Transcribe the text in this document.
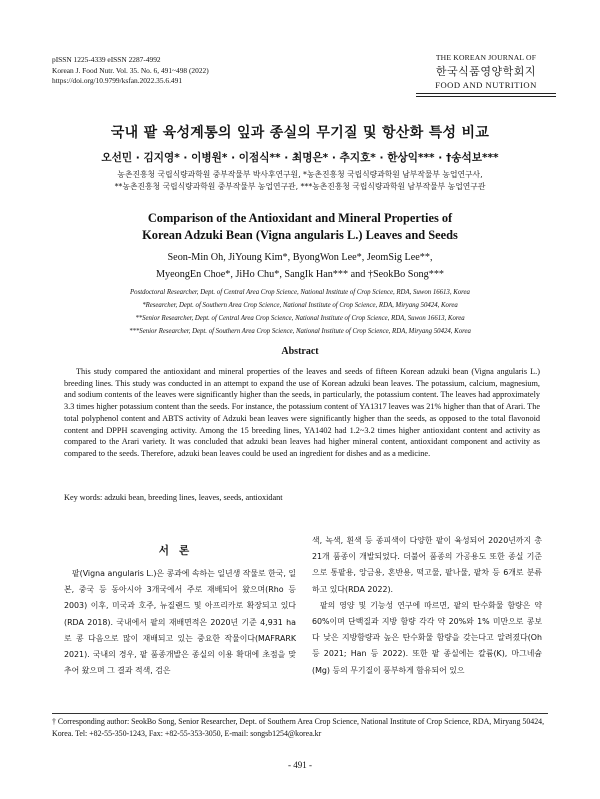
pISSN 1225-4339 eISSN 2287-4992
Korean J. Food Nutr. Vol. 35. No. 6, 491~498 (2022)
https://doi.org/10.9799/ksfan.2022.35.6.491
THE KOREAN JOURNAL OF
한국식품영양학회지
FOOD AND NUTRITION
국내 팥 육성계통의 잎과 종실의 무기질 및 항산화 특성 비교
오선민 · 김지영* · 이병원* · 이점식** · 최명은* · 추지호* · 한상익*** · †송석보***
농촌진흥청 국립식량과학원 중부작물부 박사후연구원, *농촌진흥청 국립식량과학원 남부작물부 농업연구사,
**농촌진흥청 국립식량과학원 중부작물부 농업연구관, ***농촌진흥청 국립식량과학원 남부작물부 농업연구관
Comparison of the Antioxidant and Mineral Properties of
Korean Adzuki Bean (Vigna angularis L.) Leaves and Seeds
Seon-Min Oh, JiYoung Kim*, ByongWon Lee*, JeomSig Lee**,
MyeongEn Choe*, JiHo Chu*, SangIk Han*** and †SeokBo Song***
Postdoctoral Researcher, Dept. of Central Area Crop Science, National Institute of Crop Science, RDA, Suwon 16613, Korea
*Researcher, Dept. of Southern Area Crop Science, National Institute of Crop Science, RDA, Miryang 50424, Korea
**Senior Researcher, Dept. of Central Area Crop Science, National Institute of Crop Science, RDA, Suwon 16613, Korea
***Senior Researcher, Dept. of Southern Area Crop Science, National Institute of Crop Science, RDA, Miryang 50424, Korea
Abstract
This study compared the antioxidant and mineral properties of the leaves and seeds of fifteen Korean adzuki bean (Vigna angularis L.) breeding lines. This study was conducted in an attempt to expand the use of Korean adzuki bean leaves. The potassium, calcium, magnesium, and sodium contents of the leaves were significantly higher than the seeds, in particularly, the potassium content. The leaves had approximately 3.3 times higher potassium content than the seeds. For instance, the potassium content of YA1317 leaves was 21% higher than that of Arari. The total polyphenol content and ABTS activity of Adzuki bean leaves were significantly higher than the seeds, as opposed to the total flavonoid content and DPPH scavenging activity. Among the 15 breeding lines, YA1402 had 1.2~3.2 times higher antioxidant content and activity as compared to the Arari variety. It was concluded that adzuki bean leaves had higher mineral content, antioxidant component and activity as compared to the seeds. Therefore, adzuki bean leaves could be used an ingredient for dishes and as a medicine.
Key words: adzuki bean, breeding lines, leaves, seeds, antioxidant
서론
팥(Vigna angularis L.)은 콩과에 속하는 일년생 작물로 한국, 일본, 중국 등 동아시아 3개국에서 주로 재배되어 왔으며(Rho 등 2003) 이후, 미국과 호주, 뉴질랜드 및 아프리카로 확장되고 있다(RDA 2018). 국내에서 팥의 재배면적은 2020년 기준 4,931 ha로 콩 다음으로 많이 재배되고 있는 중요한 작물이다(MAFRARK 2021). 국내의 경우, 팥 품종개발은 종실의 이용 확대에 초점을 맞추어 왔으며 그 결과 적색, 검은

색, 녹색, 흰색 등 종피색이 다양한 팥이 육성되어 2020년까지 총 21개 품종이 개발되었다. 더불어 품종의 가공용도 또한 종실 기준으로 통팥용, 앙금용, 혼반용, 떡고물, 팥나물, 팥차 등 6개로 분류하고 있다(RDA 2022).

팥의 영양 및 기능성 연구에 따르면, 팥의 탄수화물 함량은 약 60%이며 단백질과 지방 함량 각각 약 20%와 1% 미만으로 콩보다 낮은 지방함량과 높은 탄수화물 함량을 갖는다고 알려졌다(Oh 등 2021; Han 등 2022). 또한 팥 종실에는 칼륨(K), 마그네슘(Mg) 등의 무기질이 풍부하게 함유되어 있으

† Corresponding author: SeokBo Song, Senior Researcher, Dept. of Southern Area Crop Science, National Institute of Crop Science, RDA, Miryang 50424, Korea. Tel: +82-55-350-1243, Fax: +82-55-353-3050, E-mail: songsb1254@korea.kr
- 491 -
